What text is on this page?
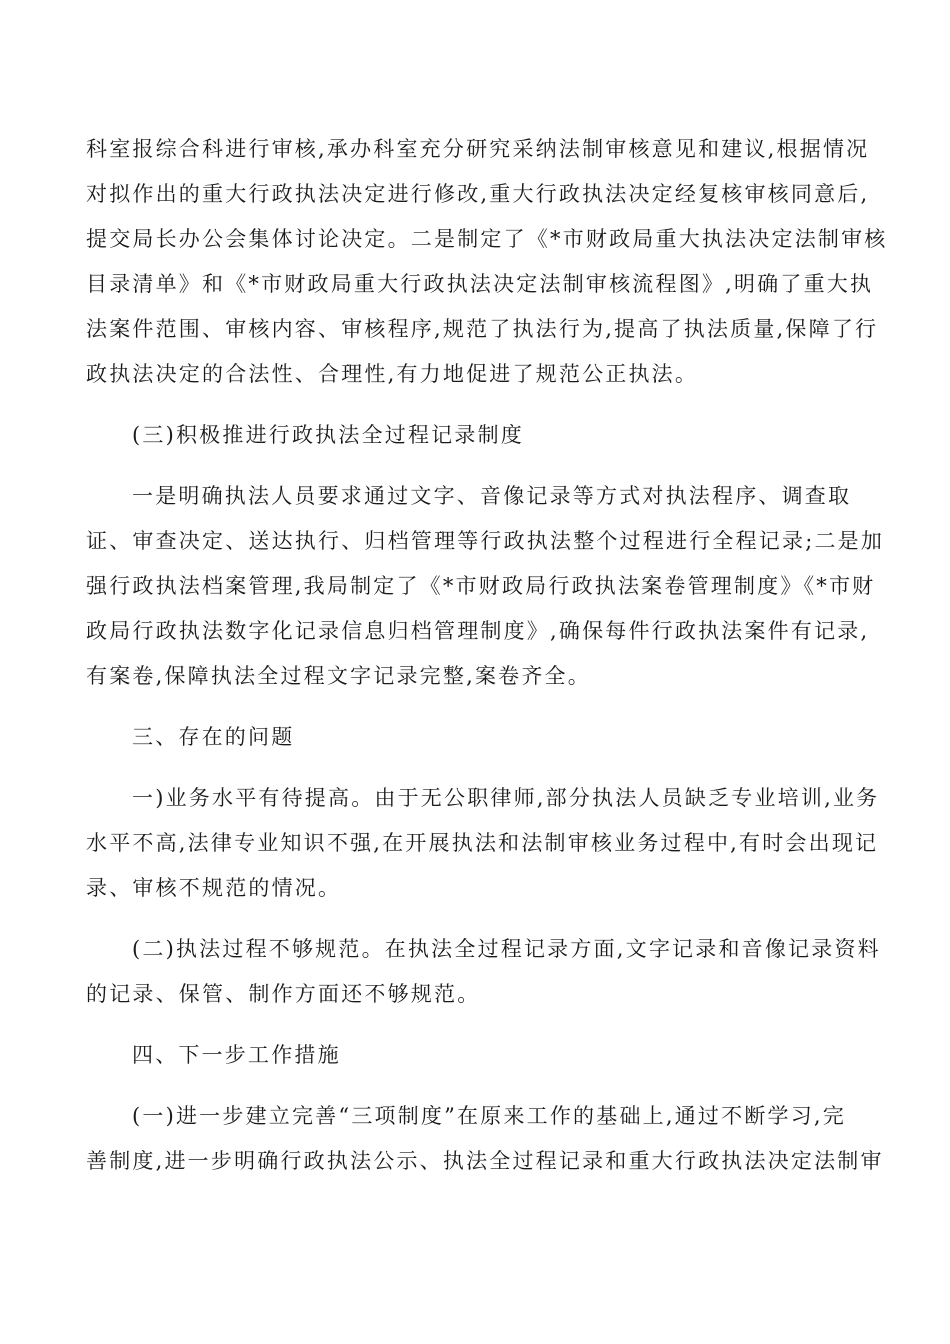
科室报综合科进行审核,承办科室充分研究采纳法制审核意见和建议,根据情况
对拟作出的重大行政执法决定进行修改,重大行政执法决定经复核审核同意后,
提交局长办公会集体讨论决定。二是制定了《*市财政局重大执法决定法制审核
目录清单》和《*市财政局重大行政执法决定法制审核流程图》,明确了重大执
法案件范围、审核内容、审核程序,规范了执法行为,提高了执法质量,保障了行
政执法决定的合法性、合理性,有力地促进了规范公正执法。
(三)积极推进行政执法全过程记录制度
一是明确执法人员要求通过文字、音像记录等方式对执法程序、调查取
证、审查决定、送达执行、归档管理等行政执法整个过程进行全程记录;二是加
强行政执法档案管理,我局制定了《*市财政局行政执法案卷管理制度》《*市财
政局行政执法数字化记录信息归档管理制度》,确保每件行政执法案件有记录,
有案卷,保障执法全过程文字记录完整,案卷齐全。
三、存在的问题
一)业务水平有待提高。由于无公职律师,部分执法人员缺乏专业培训,业务
水平不高,法律专业知识不强,在开展执法和法制审核业务过程中,有时会出现记
录、审核不规范的情况。
(二)执法过程不够规范。在执法全过程记录方面,文字记录和音像记录资料
的记录、保管、制作方面还不够规范。
四、下一步工作措施
(一)进一步建立完善“三项制度”在原来工作的基础上,通过不断学习,完
善制度,进一步明确行政执法公示、执法全过程记录和重大行政执法决定法制审
